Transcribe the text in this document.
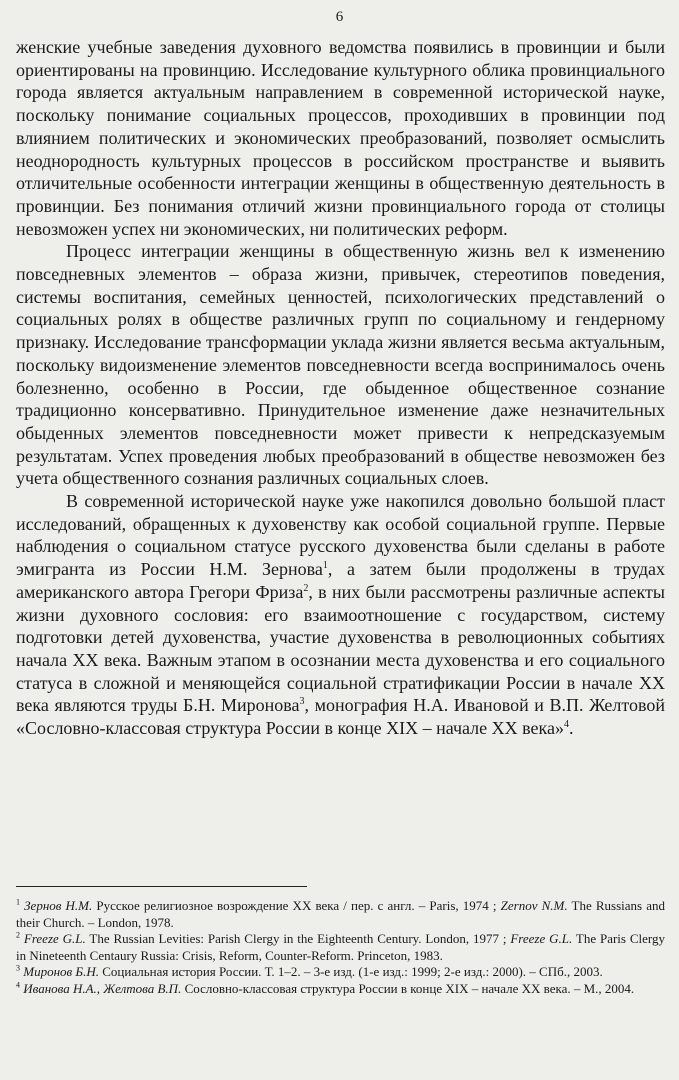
6

женские учебные заведения духовного ведомства появились в провинции и были ориентированы на провинцию. Исследование культурного облика провинциального города является актуальным направлением в современной исторической науке, поскольку понимание социальных процессов, проходивших в провинции под влиянием политических и экономических преобразований, позволяет осмыслить неоднородность культурных процессов в российском пространстве и выявить отличительные особенности интеграции женщины в общественную деятельность в провинции. Без понимания отличий жизни провинциального города от столицы невозможен успех ни экономических, ни политических реформ.

Процесс интеграции женщины в общественную жизнь вел к изменению повседневных элементов – образа жизни, привычек, стереотипов поведения, системы воспитания, семейных ценностей, психологических представлений о социальных ролях в обществе различных групп по социальному и гендерному признаку. Исследование трансформации уклада жизни является весьма актуальным, поскольку видоизменение элементов повседневности всегда воспринималось очень болезненно, особенно в России, где обыденное общественное сознание традиционно консервативно. Принудительное изменение даже незначительных обыденных элементов повседневности может привести к непредсказуемым результатам. Успех проведения любых преобразований в обществе невозможен без учета общественного сознания различных социальных слоев.

В современной исторической науке уже накопился довольно большой пласт исследований, обращенных к духовенству как особой социальной группе. Первые наблюдения о социальном статусе русского духовенства были сделаны в работе эмигранта из России Н.М. Зернова$^1$, а затем были продолжены в трудах американского автора Грегори Фриза$^2$, в них были рассмотрены различные аспекты жизни духовного сословия: его взаимоотношение с государством, систему подготовки детей духовенства, участие духовенства в революционных событиях начала XX века. Важным этапом в осознании места духовенства и его социального статуса в сложной и меняющейся социальной стратификации России в начале XX века являются труды Б.Н. Миронова$^3$, монография Н.А. Ивановой и В.П. Желтовой «Сословно-классовая структура России в конце XIX – начале XX века»$^4$.

$^1$ Зернов Н.М. Русское религиозное возрождение XX века / пер. с англ. – Paris, 1974 ; Zernov N.M. The Russians and their Church. – London, 1978.

$^2$ Freeze G.L. The Russian Levities: Parish Clergy in the Eighteenth Century. London, 1977 ; Freeze G.L. The Paris Clergy in Nineteenth Centaury Russia: Crisis, Reform, Counter-Reform. Princeton, 1983.

$^3$ Миронов Б.Н. Социальная история России. Т. 1–2. – 3-е изд. (1-е изд.: 1999; 2-е изд.: 2000). – СПб., 2003.

$^4$ Иванова Н.А., Желтова В.П. Сословно-классовая структура России в конце XIX – начале XX века. – М., 2004.
